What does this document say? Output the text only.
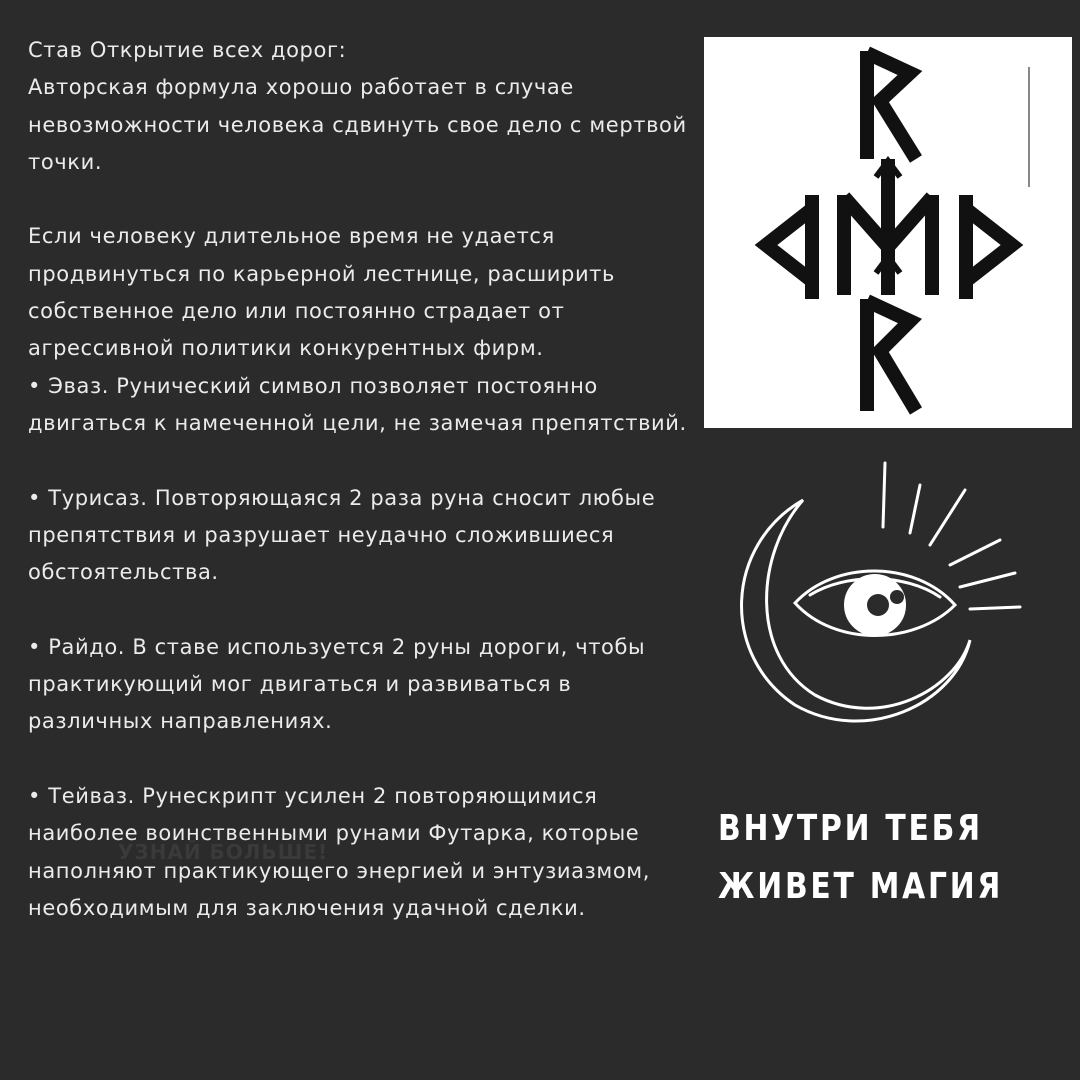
Став Открытие всех дорог:
Авторская формула хорошо работает в случае невозможности человека сдвинуть свое дело с мертвой точки.

Если человеку длительное время не удается продвинуться по карьерной лестнице, расширить собственное дело или постоянно страдает от агрессивной политики конкурентных фирм.
• Эваз. Рунический символ позволяет постоянно двигаться к намеченной цели, не замечая препятствий.

• Турисаз. Повторяющаяся 2 раза руна сносит любые препятствия и разрушает неудачно сложившиеся обстоятельства.

• Райдо. В ставе используется 2 руны дороги, чтобы практикующий мог двигаться и развиваться в различных направлениях.

• Тейваз. Рунескрипт усилен 2 повторяющимися наиболее воинственными рунами Футарка, которые наполняют практикующего энергией и энтузиазмом, необходимым для заключения удачной сделки.

УЗНАЙ БОЛЬШЕ!
ВНУТРИ ТЕБЯ
ЖИВЕТ МАГИЯ
